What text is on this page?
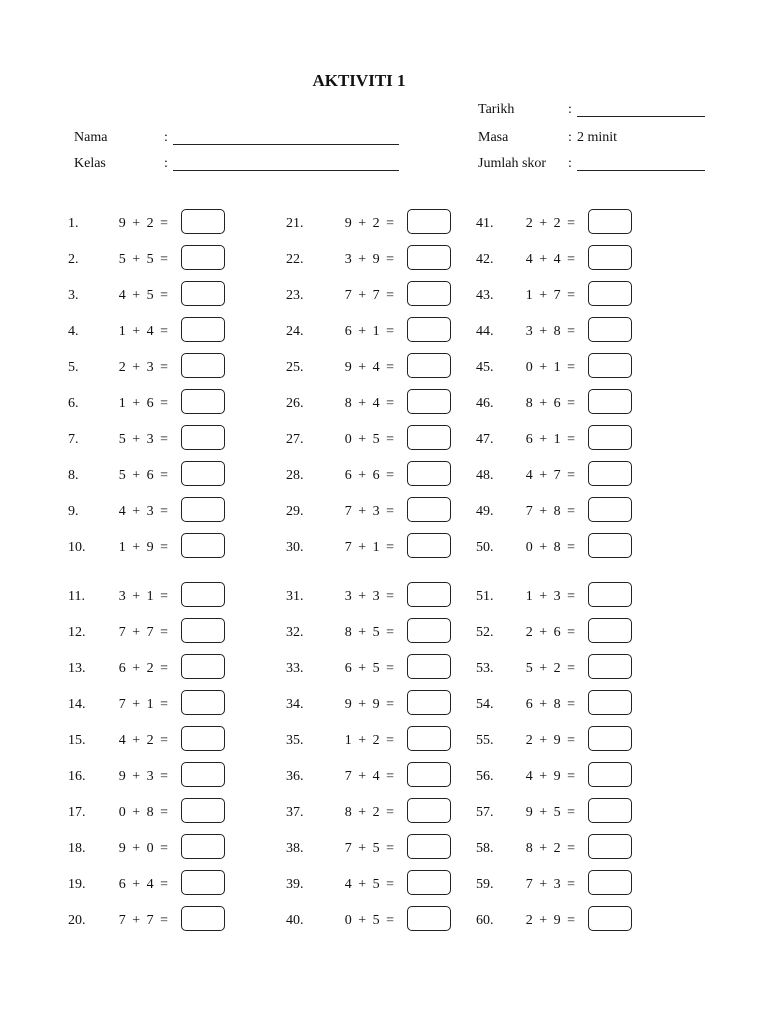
AKTIVITI 1
Tarikh	:
Nama	:	Masa	: 2 minit
Kelas	:	Jumlah skor :
1.	9 + 2 =
2.	5 + 5 =
3.	4 + 5 =
4.	1 + 4 =
5.	2 + 3 =
6.	1 + 6 =
7.	5 + 3 =
8.	5 + 6 =
9.	4 + 3 =
10. 1 + 9 =
11. 3 + 1 =
12. 7 + 7 =
13. 6 + 2 =
14. 7 + 1 =
15. 4 + 2 =
16. 9 + 3 =
17. 0 + 8 =
18. 9 + 0 =
19. 6 + 4 =
20. 7 + 7 =
21.	9 + 2 =
22.	3 + 9 =
23.	7 + 7 =
24.	6 + 1 =
25.	9 + 4 =
26.	8 + 4 =
27.	0 + 5 =
28.	6 + 6 =
29.	7 + 3 =
30.	7 + 1 =
31.	3 + 3 =
32.	8 + 5 =
33.	6 + 5 =
34.	9 + 9 =
35.	1 + 2 =
36.	7 + 4 =
37.	8 + 2 =
38.	7 + 5 =
39.	4 + 5 =
40.	0 + 5 =
41. 2 + 2 =
42. 4 + 4 =
43. 1 + 7 =
44. 3 + 8 =
45. 0 + 1 =
46. 8 + 6 =
47. 6 + 1 =
48. 4 + 7 =
49. 7 + 8 =
50. 0 + 8 =
51. 1 + 3 =
52. 2 + 6 =
53. 5 + 2 =
54. 6 + 8 =
55. 2 + 9 =
56. 4 + 9 =
57. 9 + 5 =
58. 8 + 2 =
59. 7 + 3 =
60. 2 + 9 =
